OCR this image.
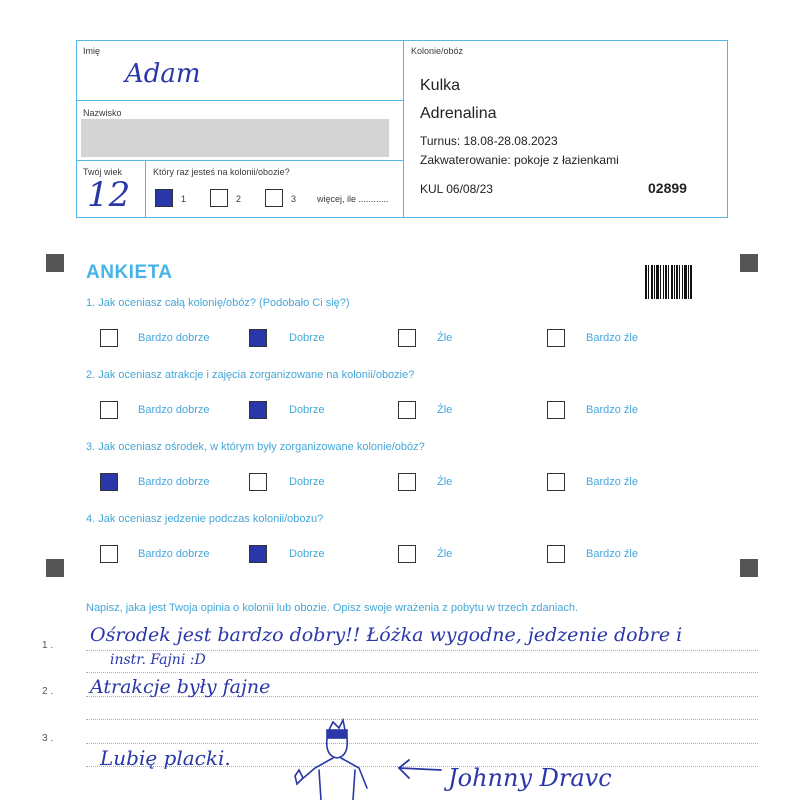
Imię
Adam
Nazwisko
Twój wiek
12
Który raz jesteś na kolonii/obozie?
1	2	3 więcej, ile ............
Kolonie/obóz
Kulka
Adrenalina
Turnus: 18.08-28.08.2023
Zakwaterowanie: pokoje z łazienkami
KUL 06/08/23	02899
ANKIETA
1. Jak oceniasz całą kolonię/obóz? (Podobało Ci się?)
Bardzo dobrze	Dobrze	Źle	Bardzo źle
2. Jak oceniasz atrakcje i zajęcia zorganizowane na kolonii/obozie?
Bardzo dobrze	Dobrze	Źle	Bardzo źle
3. Jak oceniasz ośrodek, w którym były zorganizowane kolonie/obóz?
Bardzo dobrze	Dobrze	Źle	Bardzo źle
4. Jak oceniasz jedzenie podczas kolonii/obozu?
Bardzo dobrze	Dobrze	Źle	Bardzo źle
Napisz, jaka jest Twoja opinia o kolonii lub obozie. Opisz swoje wrażenia z pobytu w trzech zdaniach.
1 .
2 .
3 .
Ośrodek jest bardzo dobry!! Łóżka wygodne, jedzenie dobre i
instr. Fajni :D
Atrakcje były fajne
Lubię placki.
Johnny Dravc
